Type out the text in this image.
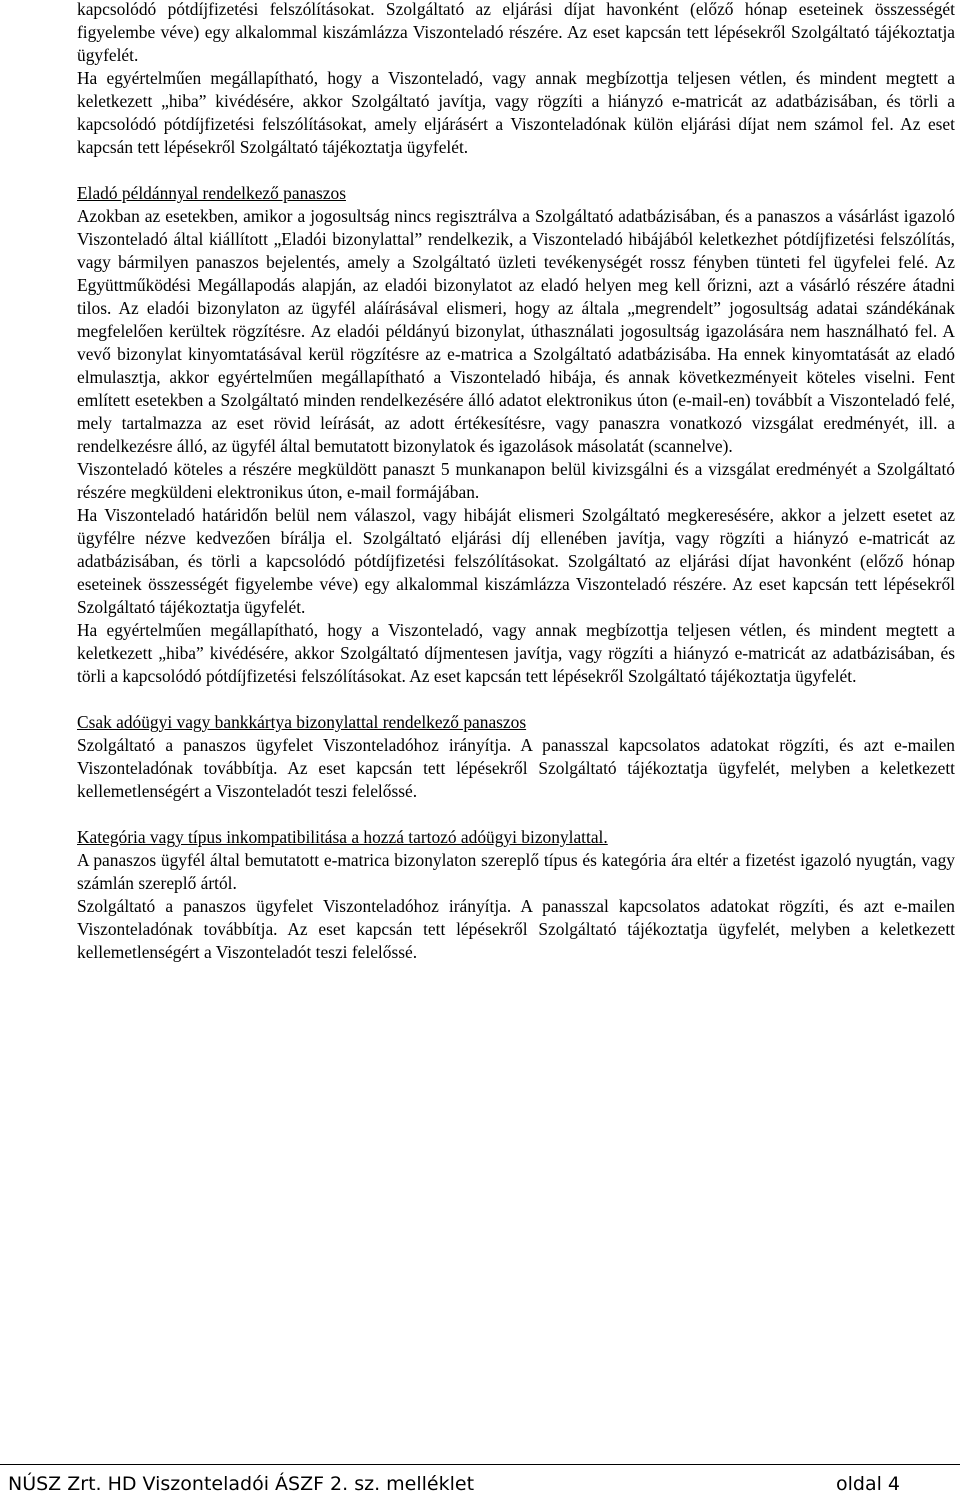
kapcsolódó pótdíjfizetési felszólításokat. Szolgáltató az eljárási díjat havonként (előző hónap eseteinek összességét figyelembe véve) egy alkalommal kiszámlázza Viszonteladó részére. Az eset kapcsán tett lépésekről Szolgáltató tájékoztatja ügyfelét.

Ha egyértelműen megállapítható, hogy a Viszonteladó, vagy annak megbízottja teljesen vétlen, és mindent megtett a keletkezett „hiba” kivédésére, akkor Szolgáltató javítja, vagy rögzíti a hiányzó e-matricát az adatbázisában, és törli a kapcsolódó pótdíjfizetési felszólításokat, amely eljárásért a Viszonteladónak külön eljárási díjat nem számol fel. Az eset kapcsán tett lépésekről Szolgáltató tájékoztatja ügyfelét.

Eladó példánnyal rendelkező panaszos

Azokban az esetekben, amikor a jogosultság nincs regisztrálva a Szolgáltató adatbázisában, és a panaszos a vásárlást igazoló Viszonteladó által kiállított „Eladói bizonylattal” rendelkezik, a Viszonteladó hibájából keletkezhet pótdíjfizetési felszólítás, vagy bármilyen panaszos bejelentés, amely a Szolgáltató üzleti tevékenységét rossz fényben tünteti fel ügyfelei felé. Az Együttműködési Megállapodás alapján, az eladói bizonylatot az eladó helyen meg kell őrizni, azt a vásárló részére átadni tilos. Az eladói bizonylaton az ügyfél aláírásával elismeri, hogy az általa „megrendelt” jogosultság adatai szándékának megfelelően kerültek rögzítésre. Az eladói példányú bizonylat, úthasználati jogosultság igazolására nem használható fel. A vevő bizonylat kinyomtatásával kerül rögzítésre az e-matrica a Szolgáltató adatbázisába. Ha ennek kinyomtatását az eladó elmulasztja, akkor egyértelműen megállapítható a Viszonteladó hibája, és annak következményeit köteles viselni. Fent említett esetekben a Szolgáltató minden rendelkezésére álló adatot elektronikus úton (e-mail-en) továbbít a Viszonteladó felé, mely tartalmazza az eset rövid leírását, az adott értékesítésre, vagy panaszra vonatkozó vizsgálat eredményét, ill. a rendelkezésre álló, az ügyfél által bemutatott bizonylatok és igazolások másolatát (scannelve).

Viszonteladó köteles a részére megküldött panaszt 5 munkanapon belül kivizsgálni és a vizsgálat eredményét a Szolgáltató részére megküldeni elektronikus úton, e-mail formájában.

Ha Viszonteladó határidőn belül nem válaszol, vagy hibáját elismeri Szolgáltató megkeresésére, akkor a jelzett esetet az ügyfélre nézve kedvezően bírálja el. Szolgáltató eljárási díj ellenében javítja, vagy rögzíti a hiányzó e-matricát az adatbázisában, és törli a kapcsolódó pótdíjfizetési felszólításokat. Szolgáltató az eljárási díjat havonként (előző hónap eseteinek összességét figyelembe véve) egy alkalommal kiszámlázza Viszonteladó részére. Az eset kapcsán tett lépésekről Szolgáltató tájékoztatja ügyfelét.

Ha egyértelműen megállapítható, hogy a Viszonteladó, vagy annak megbízottja teljesen vétlen, és mindent megtett a keletkezett „hiba” kivédésére, akkor Szolgáltató díjmentesen javítja, vagy rögzíti a hiányzó e-matricát az adatbázisában, és törli a kapcsolódó pótdíjfizetési felszólításokat. Az eset kapcsán tett lépésekről Szolgáltató tájékoztatja ügyfelét.

Csak adóügyi vagy bankkártya bizonylattal rendelkező panaszos

Szolgáltató a panaszos ügyfelet Viszonteladóhoz irányítja. A panasszal kapcsolatos adatokat rögzíti, és azt e-mailen Viszonteladónak továbbítja. Az eset kapcsán tett lépésekről Szolgáltató tájékoztatja ügyfelét, melyben a keletkezett kellemetlenségért a Viszonteladót teszi felelőssé.

Kategória vagy típus inkompatibilitása a hozzá tartozó adóügyi bizonylattal.

A panaszos ügyfél által bemutatott e-matrica bizonylaton szereplő típus és kategória ára eltér a fizetést igazoló nyugtán, vagy számlán szereplő ártól.

Szolgáltató a panaszos ügyfelet Viszonteladóhoz irányítja. A panasszal kapcsolatos adatokat rögzíti, és azt e-mailen Viszonteladónak továbbítja. Az eset kapcsán tett lépésekről Szolgáltató tájékoztatja ügyfelét, melyben a keletkezett kellemetlenségért a Viszonteladót teszi felelőssé.

NÚSZ Zrt. HD Viszonteladói ÁSZF 2. sz. melléklet	oldal 4
